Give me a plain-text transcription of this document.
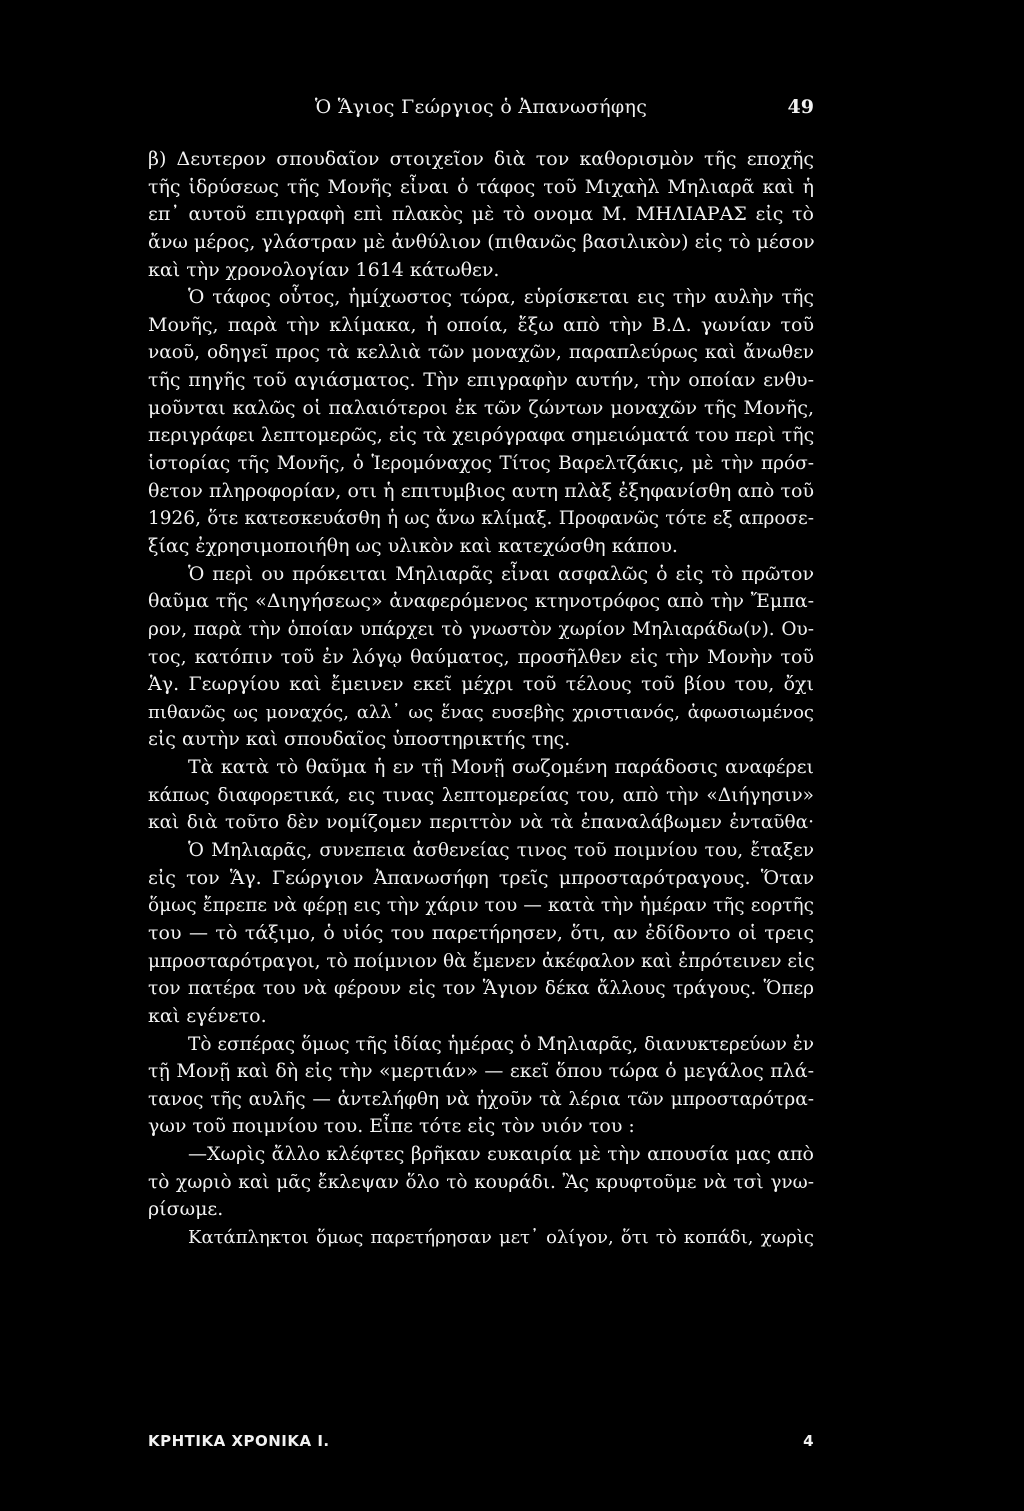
Ὁ Ἅγιος Γεώργιος ὁ Ἀπανωσήφης	49
β) Δευτερον σπουδαῖον στοιχεῖον διὰ τον καθορισμὸν τῆς εποχῆς
τῆς ἱδρύσεως τῆς Μονῆς εἶναι ὁ τάφος τοῦ Μιχαὴλ Μηλιαρᾶ καὶ ἡ
επ᾽ αυτοῦ επιγραφὴ επὶ πλακὸς μὲ τὸ ονομα Μ. ΜΗΛΙΑΡΑΣ εἰς τὸ
ἄνω μέρος, γλάστραν μὲ ἀνθύλιον (πιθανῶς βασιλικὸν) εἰς τὸ μέσον
καὶ τὴν χρονολογίαν 1614 κάτωθεν.
Ὁ τάφος οὗτος, ἡμίχωστος τώρα, εὑρίσκεται εις τὴν αυλὴν τῆς
Μονῆς, παρὰ τὴν κλίμακα, ἡ οποία, ἔξω απὸ τὴν Β.Δ. γωνίαν τοῦ
ναοῦ, οδηγεῖ προς τὰ κελλιὰ τῶν μοναχῶν, παραπλεύρως καὶ ἄνωθεν
τῆς πηγῆς τοῦ αγιάσματος. Τὴν επιγραφὴν αυτήν, τὴν οποίαν ενθυ-
μοῦνται καλῶς οἱ παλαιότεροι ἐκ τῶν ζώντων μοναχῶν τῆς Μονῆς,
περιγράφει λεπτομερῶς, εἰς τὰ χειρόγραφα σημειώματά του περὶ τῆς
ἱστορίας τῆς Μονῆς, ὁ Ἱερομόναχος Τίτος Βαρελτζάκις, μὲ τὴν πρόσ-
θετον πληροφορίαν, οτι ἡ επιτυμβιος αυτη πλὰξ ἐξηφανίσθη απὸ τοῦ
1926, ὅτε κατεσκευάσθη ἡ ως ἄνω κλίμαξ. Προφανῶς τότε εξ απροσε-
ξίας ἐχρησιμοποιήθη ως υλικὸν καὶ κατεχώσθη κάπου.
Ὁ περὶ ου πρόκειται Μηλιαρᾶς εἶναι ασφαλῶς ὁ εἰς τὸ πρῶτον
θαῦμα τῆς «Διηγήσεως» ἀναφερόμενος κτηνοτρόφος απὸ τὴν Ἔμπα-
ρον, παρὰ τὴν ὁποίαν υπάρχει τὸ γνωστὸν χωρίον Μηλιαράδω(ν). Ου-
τος, κατόπιν τοῦ ἐν λόγῳ θαύματος, προσῆλθεν εἰς τὴν Μονὴν τοῦ
Ἁγ. Γεωργίου καὶ ἔμεινεν εκεῖ μέχρι τοῦ τέλους τοῦ βίου του, ὄχι
πιθανῶς ως μοναχός, αλλ᾽ ως ἕνας ευσεβὴς χριστιανός, ἀφωσιωμένος
εἰς αυτὴν καὶ σπουδαῖος ὑποστηρικτής της.
Τὰ κατὰ τὸ θαῦμα ἡ εν τῇ Μονῇ σωζομένη παράδοσις αναφέρει
κάπως διαφορετικά, εις τινας λεπτομερείας του, απὸ τὴν «Διήγησιν»
καὶ διὰ τοῦτο δὲν νομίζομεν περιττὸν νὰ τὰ ἐπαναλάβωμεν ἐνταῦθα·
Ὁ Μηλιαρᾶς, συνεπεια ἀσθενείας τινος τοῦ ποιμνίου του, ἔταξεν
εἰς τον Ἅγ. Γεώργιον Ἀπανωσήφη τρεῖς μπροσταρότραγους. Ὅταν
ὅμως ἔπρεπε νὰ φέρῃ εις τὴν χάριν του — κατὰ τὴν ἡμέραν τῆς εορτῆς
του — τὸ τάξιμο, ὁ υἱός του παρετήρησεν, ὅτι, αν ἐδίδοντο οἱ τρεις
μπροσταρότραγοι, τὸ ποίμνιον θὰ ἔμενεν ἀκέφαλον καὶ ἐπρότεινεν εἰς
τον πατέρα του νὰ φέρουν εἰς τον Ἅγιον δέκα ἄλλους τράγους. Ὅπερ
καὶ εγένετο.
Τὸ εσπέρας ὅμως τῆς ἰδίας ἡμέρας ὁ Μηλιαρᾶς, διανυκτερεύων ἐν
τῇ Μονῇ καὶ δὴ εἰς τὴν «μερτιάν» — εκεῖ ὅπου τώρα ὁ μεγάλος πλά-
τανος τῆς αυλῆς — ἀντελήφθη νὰ ἠχοῦν τὰ λέρια τῶν μπροσταρότρα-
γων τοῦ ποιμνίου του. Εἶπε τότε εἰς τὸν υιόν του :
—Χωρὶς ἄλλο κλέφτες βρῆκαν ευκαιρία μὲ τὴν απουσία μας απὸ
τὸ χωριὸ καὶ μᾶς ἔκλεψαν ὅλο τὸ κουράδι. Ἂς κρυφτοῦμε νὰ τσὶ γνω-
ρίσωμε.
Κατάπληκτοι ὅμως παρετήρησαν μετ᾽ ολίγον, ὅτι τὸ κοπάδι, χωρὶς
ΚΡΗΤΙΚΑ ΧΡΟΝΙΚΑ Ι.	4
